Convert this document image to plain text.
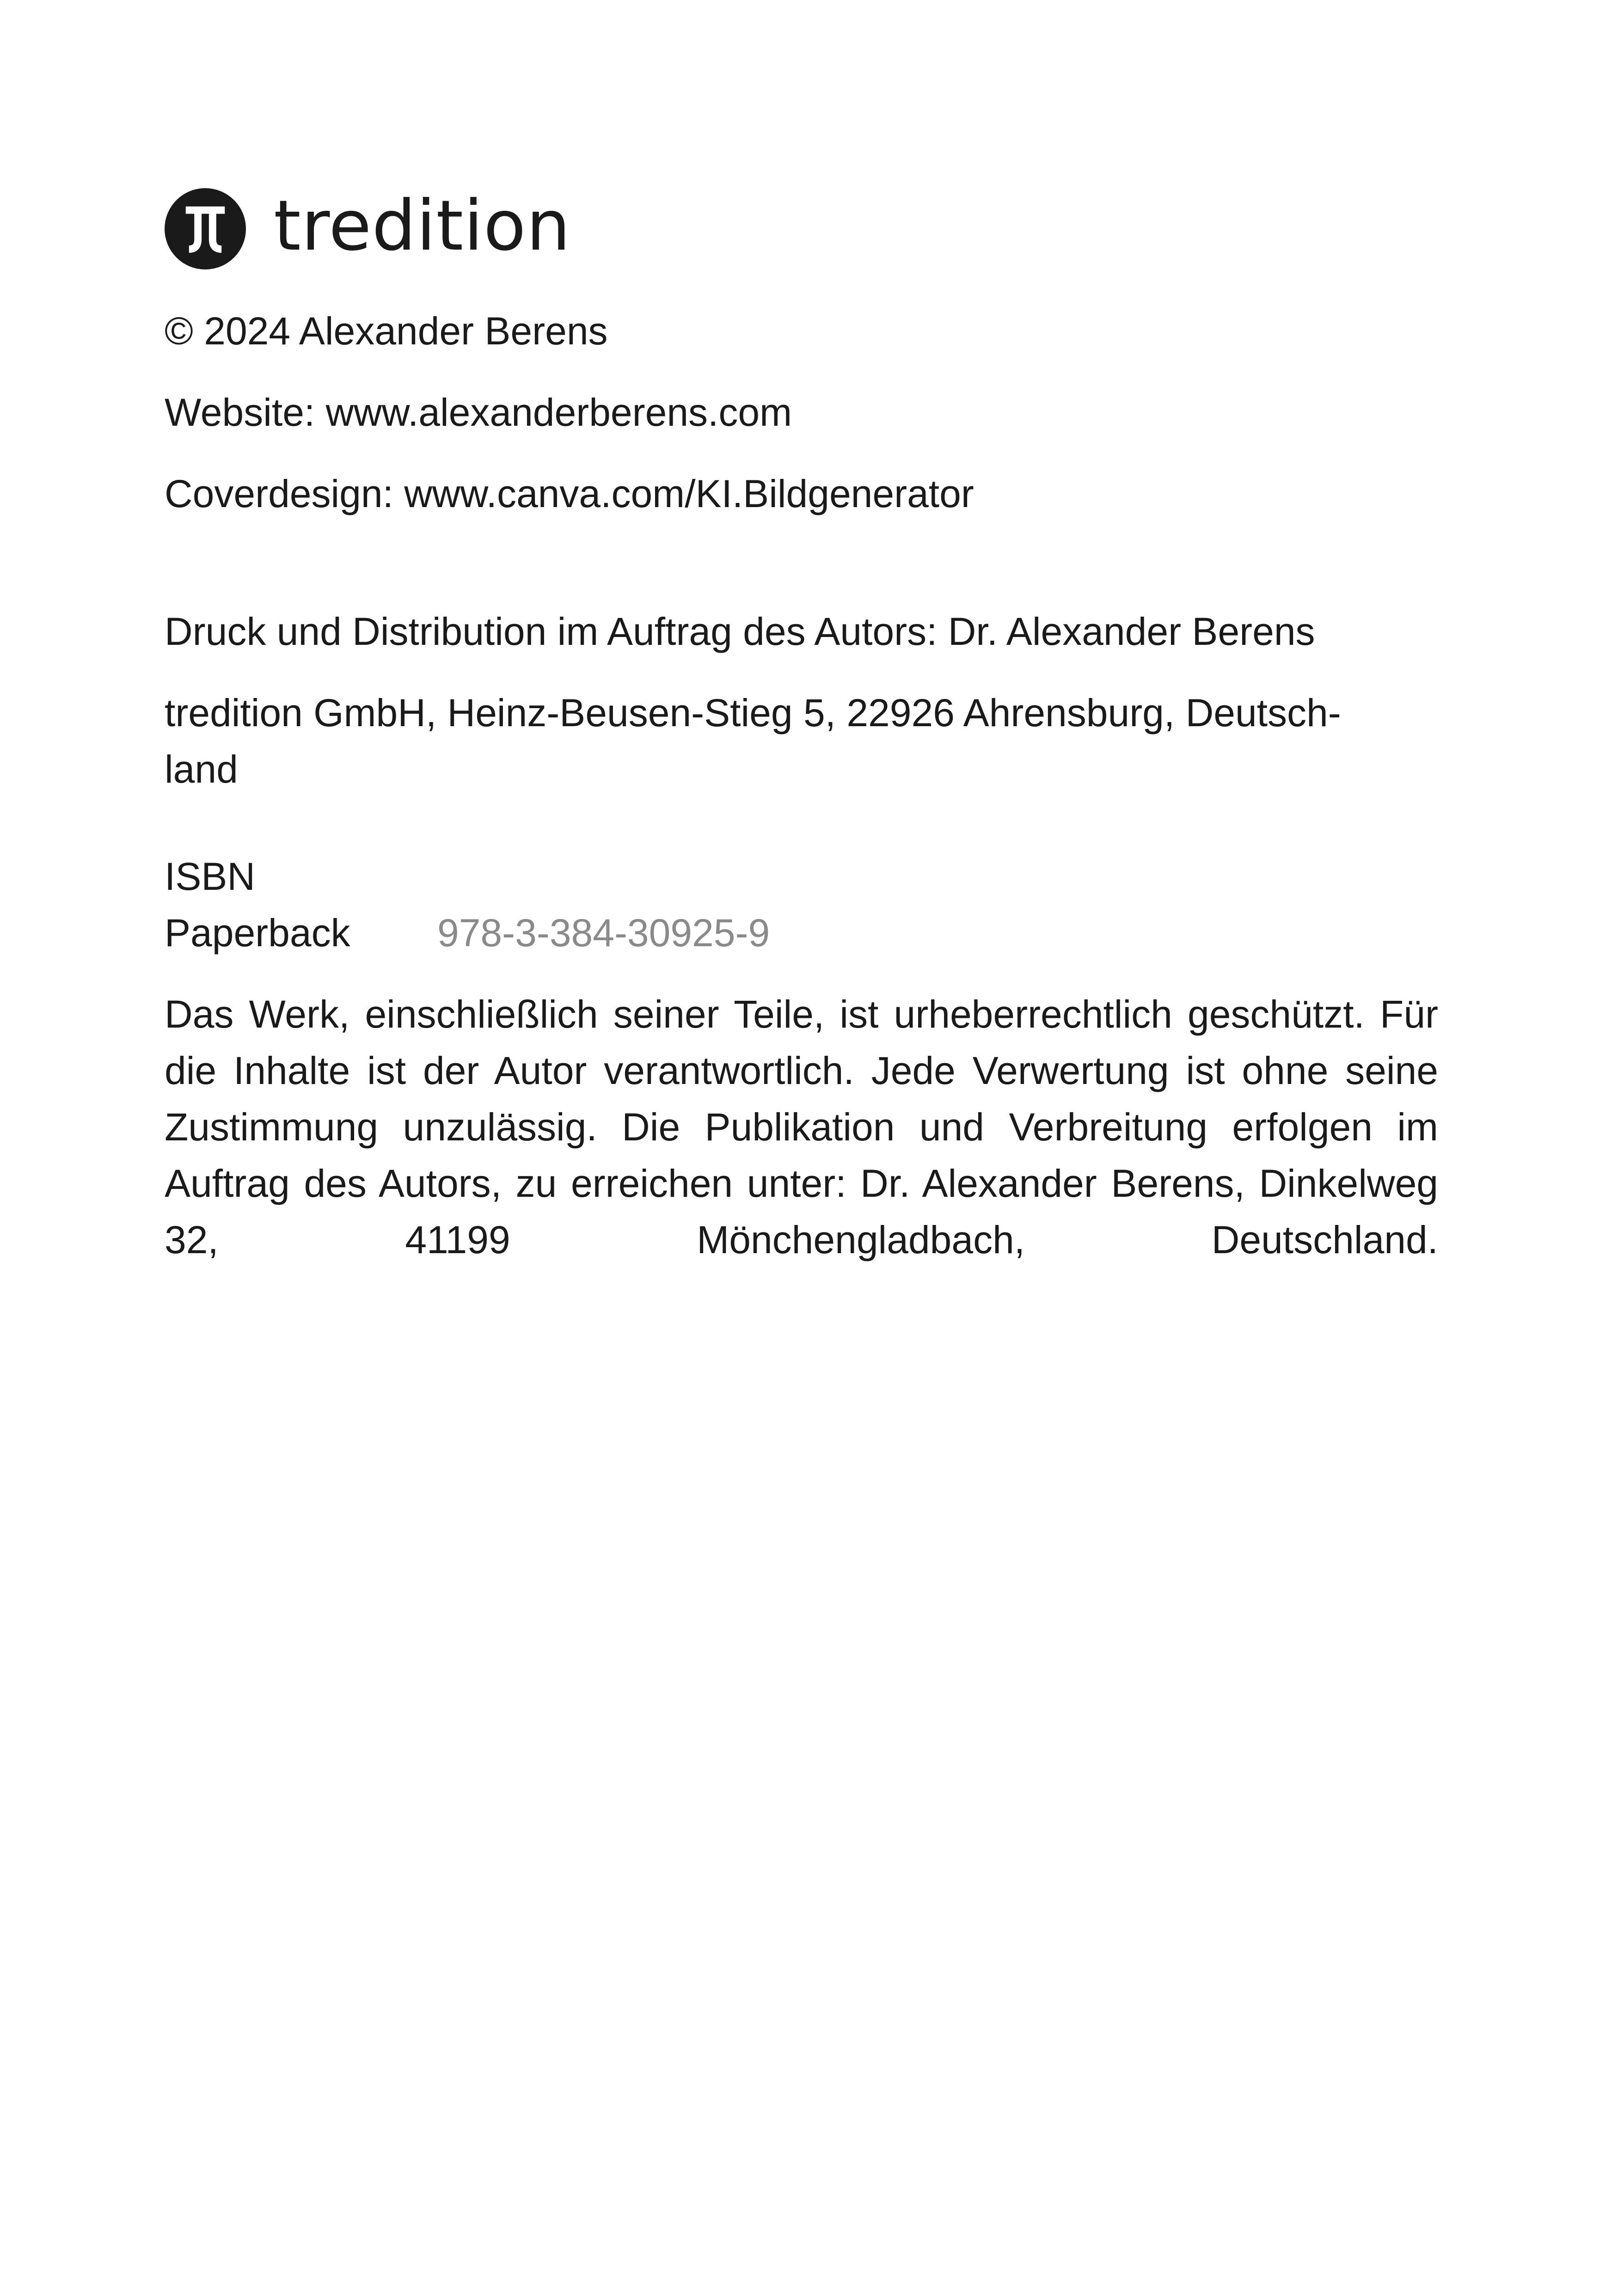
tredition
© 2024 Alexander Berens
Website: www.alexanderberens.com
Coverdesign: www.canva.com/KI.Bildgenerator
Druck und Distribution im Auftrag des Autors: Dr. Alexander Berens
tredition GmbH, Heinz-Beusen-Stieg 5, 22926 Ahrensburg, Deutsch-
land
ISBN
Paperback	978-3-384-30925-9
Das Werk, einschließlich seiner Teile, ist urheberrechtlich geschützt. Für die Inhalte ist der Autor verantwortlich. Jede Verwertung ist ohne seine Zustimmung unzulässig. Die Publikation und Verbreitung erfolgen im Auftrag des Autors, zu erreichen unter: Dr. Alexander Berens, Dinkelweg 32, 41199 Mönchengladbach, Deutschland.
